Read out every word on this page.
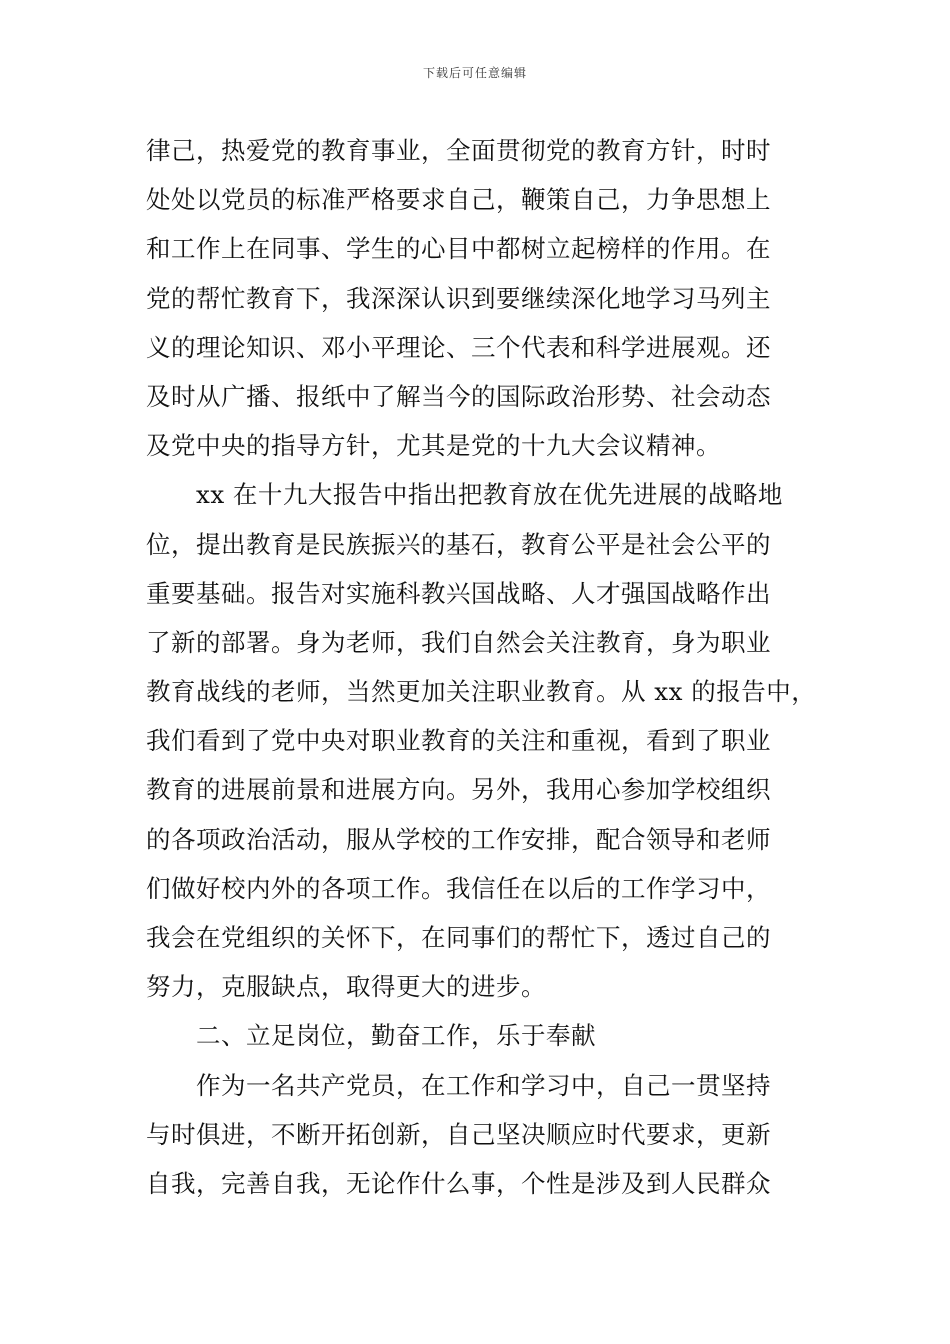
下载后可任意编辑
律己，热爱党的教育事业，全面贯彻党的教育方针，时时
处处以党员的标准严格要求自己，鞭策自己，力争思想上
和工作上在同事、学生的心目中都树立起榜样的作用。在
党的帮忙教育下，我深深认识到要继续深化地学习马列主
义的理论知识、邓小平理论、三个代表和科学进展观。还
及时从广播、报纸中了解当今的国际政治形势、社会动态
及党中央的指导方针，尤其是党的十九大会议精神。
xx 在十九大报告中指出把教育放在优先进展的战略地
位，提出教育是民族振兴的基石，教育公平是社会公平的
重要基础。报告对实施科教兴国战略、人才强国战略作出
了新的部署。身为老师，我们自然会关注教育，身为职业
教育战线的老师，当然更加关注职业教育。从 xx 的报告中，
我们看到了党中央对职业教育的关注和重视，看到了职业
教育的进展前景和进展方向。另外，我用心参加学校组织
的各项政治活动，服从学校的工作安排，配合领导和老师
们做好校内外的各项工作。我信任在以后的工作学习中，
我会在党组织的关怀下，在同事们的帮忙下，透过自己的
努力，克服缺点，取得更大的进步。
二、立足岗位，勤奋工作，乐于奉献
作为一名共产党员，在工作和学习中，自己一贯坚持
与时俱进，不断开拓创新，自己坚决顺应时代要求，更新
自我，完善自我，无论作什么事，个性是涉及到人民群众
